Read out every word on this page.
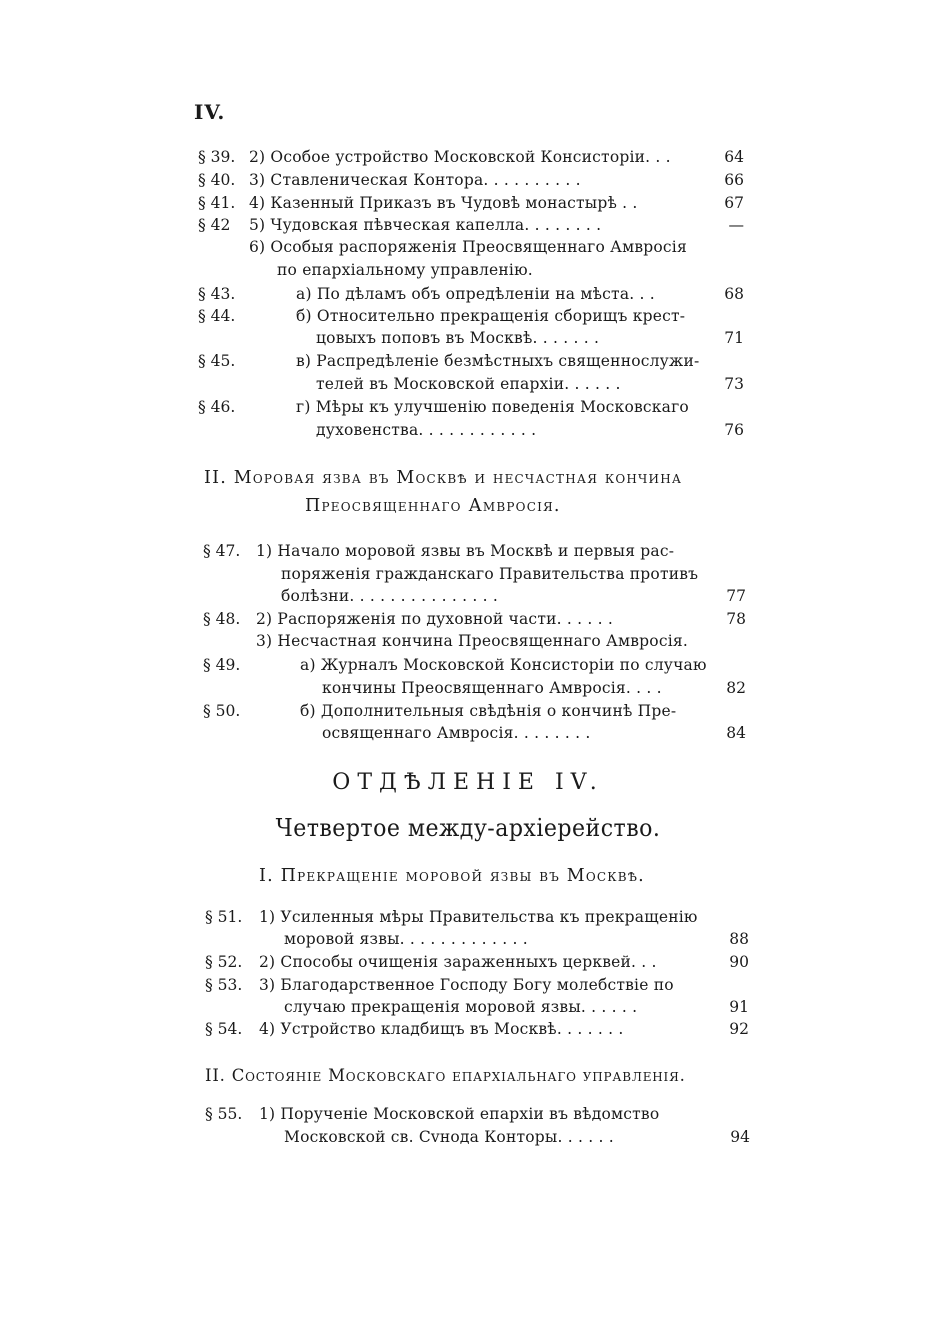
IV.
§ 39. 2) Особое устройство Московской Консисторіи. . .	64
§ 40. 3) Ставленическая Контора. . . . . . . . . .	66
§ 41. 4) Казенный Приказъ въ Чудовѣ монастырѣ . .	67
§ 42	5) Чудовская пѣвческая капелла. . . . . . . .	—
6) Особыя распоряженія Преосвященнаго Амвросія
по епархіальному управленію.
§ 43.	а) По дѣламъ объ опредѣленіи на мѣста. . .	68
§ 44.	б) Относительно прекращенія сборищъ крест-
цовыхъ поповъ въ Москвѣ. . . . . . .	71
§ 45.	в) Распредѣленіе безмѣстныхъ священнослужи-
телей въ Московской епархіи. . . . . .	73
§ 46.	г) Мѣры къ улучшенію поведенія Московскаго
духовенства. . . . . . . . . . . .	76
II. Моровая язва въ Москвѣ и несчастная кончина
Преосвященнаго Амвросія.
§ 47.	1) Начало моровой язвы въ Москвѣ и первыя рас-
поряженія гражданскаго Правительства противъ
болѣзни. . . . . . . . . . . . . . .	77
§ 48.	2) Распоряженія по духовной части. . . . . .	78
3) Несчастная кончина Преосвященнаго Амвросія.
§ 49.	а) Журналъ Московской Консисторіи по случаю
кончины Преосвященнаго Амвросія. . . .	82
§ 50.	б) Дополнительныя свѣдѣнія о кончинѣ Пре-
освященнаго Амвросія. . . . . . . .	84
ОТДѢЛЕНІЕ IV.
Четвертое между-архіерейство.
I. Прекращеніе моровой язвы въ Москвѣ.
§ 51.	1) Усиленныя мѣры Правительства къ прекращенію
моровой язвы. . . . . . . . . . . . .	88
§ 52.	2) Способы очищенія зараженныхъ церквей. . .	90
§ 53.	3) Благодарственное Господу Богу молебствіе по
случаю прекращенія моровой язвы. . . . . .	91
§ 54.	4) Устройство кладбищъ въ Москвѣ. . . . . . .	92
II. Состояніе Московскаго епархіальнаго управленія.
§ 55.	1) Порученіе Московской епархіи въ вѣдомство
Московской св. Сvнода Конторы. . . . . .	94
